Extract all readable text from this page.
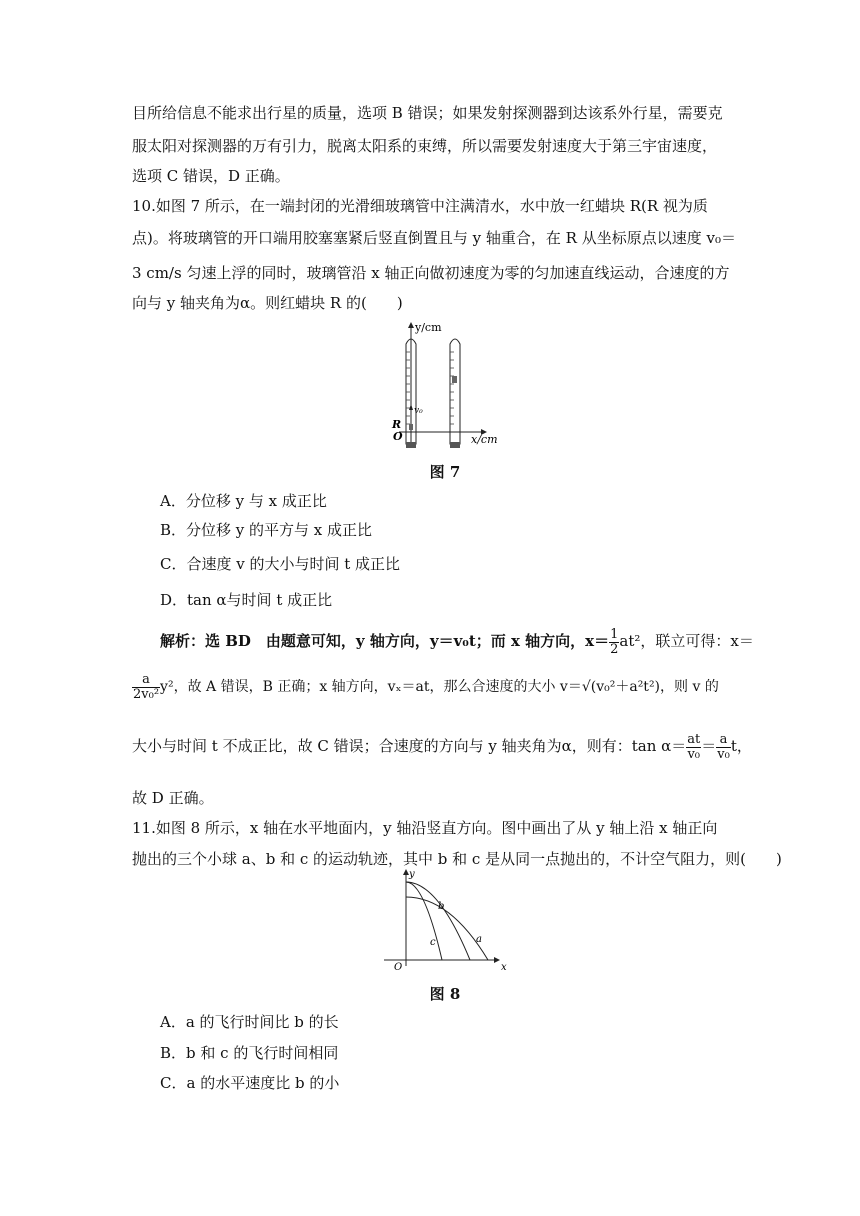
目所给信息不能求出行星的质量，选项 B 错误；如果发射探测器到达该系外行星，需要克
服太阳对探测器的万有引力，脱离太阳系的束缚，所以需要发射速度大于第三宇宙速度，
选项 C 错误，D 正确。
10.如图 7 所示，在一端封闭的光滑细玻璃管中注满清水，水中放一红蜡块 R(R 视为质
点)。将玻璃管的开口端用胶塞塞紧后竖直倒置且与 y 轴重合，在 R 从坐标原点以速度 v₀＝
3 cm/s 匀速上浮的同时，玻璃管沿 x 轴正向做初速度为零的匀加速直线运动，合速度的方
向与 y 轴夹角为α。则红蜡块 R 的(　　)
y/cm
x/cm
R
O
v₀
图 7
A．分位移 y 与 x 成正比
B．分位移 y 的平方与 x 成正比
C．合速度 v 的大小与时间 t 成正比
D．tan α与时间 t 成正比
解析：选 BD　由题意可知，y 轴方向，y＝v₀t；而 x 轴方向，$x= \frac{1}{2} at^2$，联立可得：x＝
$\frac{a}{\text{2v₀²}} y^2$，故 A 错误，B 正确；x 轴方向，vₓ＝at，那么合速度的大小 v＝√(v₀²＋a²t²)，则 v 的
大小与时间 t 不成正比，故 C 错误；合速度的方向与 y 轴夹角为α，则有：$\tan \alpha= \frac{at}{\text{v₀}} = \frac{a}{\text{v₀}}$ t，
故 D 正确。
11.如图 8 所示，x 轴在水平地面内，y 轴沿竖直方向。图中画出了从 y 轴上沿 x 轴正向
抛出的三个小球 a、b 和 c 的运动轨迹，其中 b 和 c 是从同一点抛出的，不计空气阻力，则(　　)
y
x
O
a
b
c
图 8
A．a 的飞行时间比 b 的长
B．b 和 c 的飞行时间相同
C．a 的水平速度比 b 的小
